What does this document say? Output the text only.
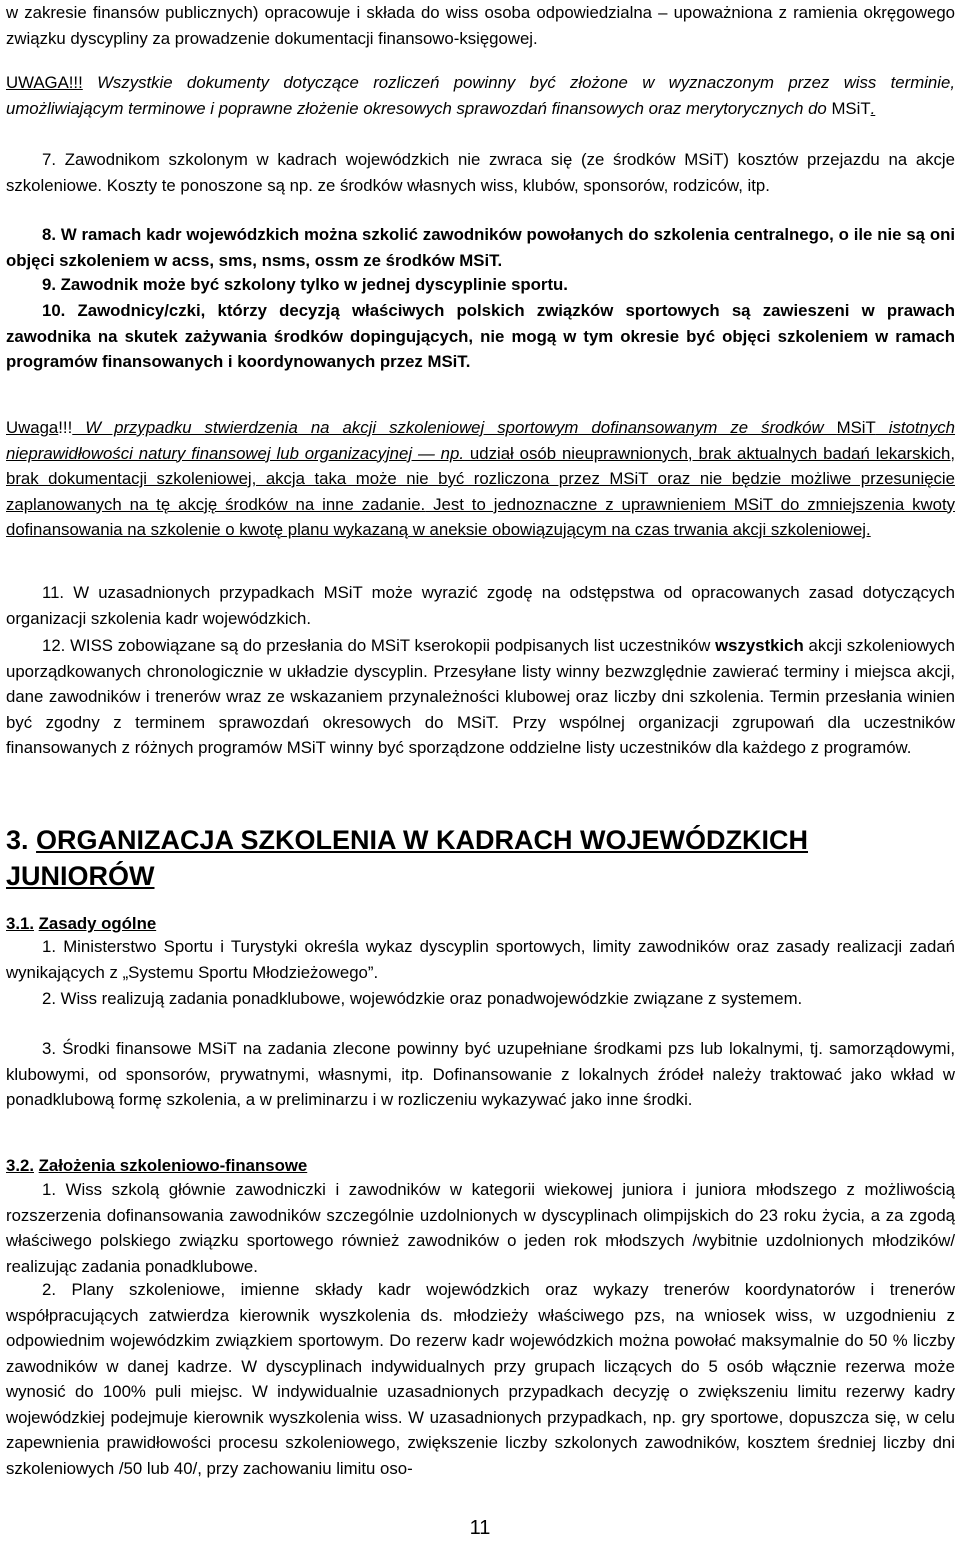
w zakresie finansów publicznych) opracowuje i składa do wiss osoba odpowiedzialna – upoważniona z ramienia okręgowego związku dyscypliny za prowadzenie dokumentacji finansowo-księgowej.

UWAGA!!! Wszystkie dokumenty dotyczące rozliczeń powinny być złożone w wyznaczonym przez wiss terminie, umożliwiającym terminowe i poprawne złożenie okresowych sprawozdań finansowych oraz merytorycznych do MSiT.

7. Zawodnikom szkolonym w kadrach wojewódzkich nie zwraca się (ze środków MSiT) kosztów przejazdu na akcje szkoleniowe. Koszty te ponoszone są np. ze środków własnych wiss, klubów, sponsorów, rodziców, itp.

8. W ramach kadr wojewódzkich można szkolić zawodników powołanych do szkolenia centralnego, o ile nie są oni objęci szkoleniem w acss, sms, nsms, ossm ze środków MSiT.

9. Zawodnik może być szkolony tylko w jednej dyscyplinie sportu.

10. Zawodnicy/czki, którzy decyzją właściwych polskich związków sportowych są zawieszeni w prawach zawodnika na skutek zażywania środków dopingujących, nie mogą w tym okresie być objęci szkoleniem w ramach programów finansowanych i koordynowanych przez MSiT.

Uwaga!!! W przypadku stwierdzenia na akcji szkoleniowej sportowym dofinansowanym ze środków MSiT istotnych nieprawidłowości natury finansowej lub organizacyjnej — np. udział osób nieuprawnionych, brak aktualnych badań lekarskich, brak dokumentacji szkoleniowej, akcja taka może nie być rozliczona przez MSiT oraz nie będzie możliwe przesunięcie zaplanowanych na tę akcję środków na inne zadanie. Jest to jednoznaczne z uprawnieniem MSiT do zmniejszenia kwoty dofinansowania na szkolenie o kwotę planu wykazaną w aneksie obowiązującym na czas trwania akcji szkoleniowej.

11. W uzasadnionych przypadkach MSiT może wyrazić zgodę na odstępstwa od opracowanych zasad dotyczących organizacji szkolenia kadr wojewódzkich.

12. WISS zobowiązane są do przesłania do MSiT kserokopii podpisanych list uczestników wszystkich akcji szkoleniowych uporządkowanych chronologicznie w układzie dyscyplin. Przesyłane listy winny bezwzględnie zawierać terminy i miejsca akcji, dane zawodników i trenerów wraz ze wskazaniem przynależności klubowej oraz liczby dni szkolenia. Termin przesłania winien być zgodny z terminem sprawozdań okresowych do MSiT. Przy wspólnej organizacji zgrupowań dla uczestników finansowanych z różnych programów MSiT winny być sporządzone oddzielne listy uczestników dla każdego z programów.

3. ORGANIZACJA SZKOLENIA W KADRACH WOJEWÓDZKICH JUNIORÓW
3.1. Zasady ogólne

1. Ministerstwo Sportu i Turystyki określa wykaz dyscyplin sportowych, limity zawodników oraz zasady realizacji zadań wynikających z „Systemu Sportu Młodzieżowego”.

2. Wiss realizują zadania ponadklubowe, wojewódzkie oraz ponadwojewódzkie związane z systemem.

3. Środki finansowe MSiT na zadania zlecone powinny być uzupełniane środkami pzs lub lokalnymi, tj. samorządowymi, klubowymi, od sponsorów, prywatnymi, własnymi, itp. Dofinansowanie z lokalnych źródeł należy traktować jako wkład w ponadklubową formę szkolenia, a w preliminarzu i w rozliczeniu wykazywać jako inne środki.

3.2. Założenia szkoleniowo-finansowe

1. Wiss szkolą głównie zawodniczki i zawodników w kategorii wiekowej juniora i juniora młodszego z możliwością rozszerzenia dofinansowania zawodników szczególnie uzdolnionych w dyscyplinach olimpijskich do 23 roku życia, a za zgodą właściwego polskiego związku sportowego również zawodników o jeden rok młodszych /wybitnie uzdolnionych młodzików/ realizując zadania ponadklubowe.

2. Plany szkoleniowe, imienne składy kadr wojewódzkich oraz wykazy trenerów koordynatorów i trenerów współpracujących zatwierdza kierownik wyszkolenia ds. młodzieży właściwego pzs, na wniosek wiss, w uzgodnieniu z odpowiednim wojewódzkim związkiem sportowym. Do rezerw kadr wojewódzkich można powołać maksymalnie do 50 % liczby zawodników w danej kadrze. W dyscyplinach indywidualnych przy grupach liczących do 5 osób włącznie rezerwa może wynosić do 100% puli miejsc. W indywidualnie uzasadnionych przypadkach decyzję o zwiększeniu limitu rezerwy kadry wojewódzkiej podejmuje kierownik wyszkolenia wiss. W uzasadnionych przypadkach, np. gry sportowe, dopuszcza się, w celu zapewnienia prawidłowości procesu szkoleniowego, zwiększenie liczby szkolonych zawodników, kosztem średniej liczby dni szkoleniowych /50 lub 40/, przy zachowaniu limitu oso-

11
